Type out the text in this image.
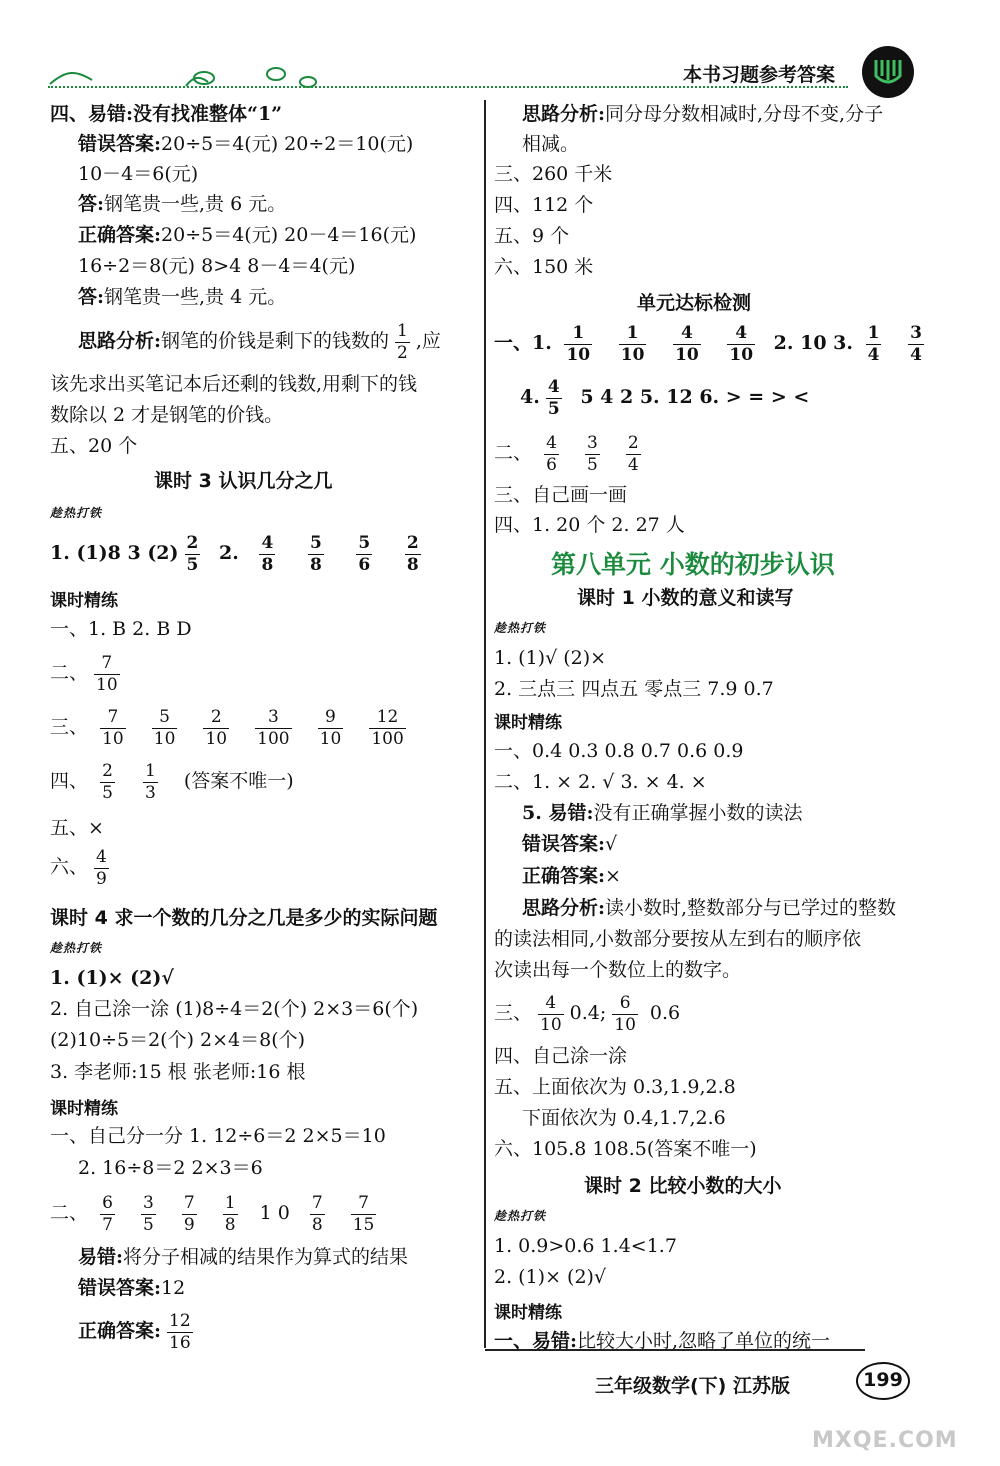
本书习题参考答案
四、易错:没有找准整体“1”
错误答案:20÷5＝4(元) 20÷2＝10(元)
10－4＝6(元)
答:钢笔贵一些,贵 6 元。
正确答案:20÷5＝4(元) 20－4＝16(元)
16÷2＝8(元) 8>4 8－4＝4(元)
答:钢笔贵一些,贵 4 元。
思路分析:钢笔的价钱是剩下的钱数的 $\frac{1}{2}$ ,应
该先求出买笔记本后还剩的钱数,用剩下的钱
数除以 2 才是钢笔的价钱。
五、20 个
课时 3 认识几分之几
趁热打铁
1. (1)8 3 $(2) \frac{2}{5} 2$. $\frac{4}{8}$
$\frac{5}{8}$
$\frac{5}{6}$
$\frac{2}{8}$
课时精练
一、1. B 2. B D
二、 $\frac{7}{10}$
三、 $\frac{7}{10}$
$\frac{5}{10}$
$\frac{2}{10}$
$\frac{3}{100}$
$\frac{9}{10}$
$\frac{12}{100}$
四、 $\frac{2}{5}$
$\frac{1}{3}$ (答案不唯一)
五、×
六、 $\frac{4}{9}$
课时 4 求一个数的几分之几是多少的实际问题
趁热打铁
1. (1)× (2)√
2. 自己涂一涂 (1)8÷4＝2(个) 2×3＝6(个)
(2)10÷5＝2(个) 2×4＝8(个)
3. 李老师:15 根 张老师:16 根
课时精练
一、自己分一分 1. 12÷6＝2 2×5＝10
2. 16÷8＝2 2×3＝6
二、 $\frac{6}{7}$
$\frac{3}{5}$
$\frac{7}{9}$
$\frac{1}{8} 1$ $0 \frac{7}{8}$
$\frac{7}{15}$
易错:将分子相减的结果作为算式的结果
错误答案:12
正确答案: $\frac{12}{16}$
思路分析:同分母分数相减时,分母不变,分子
相减。
三、260 千米
四、112 个
五、9 个
六、150 米
单元达标检测
一、1. $\frac{1}{10}$
$\frac{1}{10}$
$\frac{4}{10}$
$\frac{4}{10} 2$. 10 3. $\frac{1}{4}$
$\frac{3}{4}$
4. $\frac{4}{5} 5$ 4 2 5. 12 6. > = > <
二、 $\frac{4}{6}$
$\frac{3}{5}$
$\frac{2}{4}$
三、自己画一画
四、1. 20 个 2. 27 人
第八单元 小数的初步认识
课时 1 小数的意义和读写
趁热打铁
1. (1)√ (2)×
2. 三点三 四点五 零点三 7.9 0.7
课时精练
一、0.4 0.3 0.8 0.7 0.6 0.9
二、1. × 2. √ 3. × 4. ×
5. 易错:没有正确掌握小数的读法
错误答案:√
正确答案:×
思路分析:读小数时,整数部分与已学过的整数
的读法相同,小数部分要按从左到右的顺序依
次读出每一个数位上的数字。
三、 $\frac{4}{10} 0.4$; $\frac{6}{10} 0.6$
四、自己涂一涂
五、上面依次为 0.3,1.9,2.8
下面依次为 0.4,1.7,2.6
六、105.8 108.5(答案不唯一)
课时 2 比较小数的大小
趁热打铁
1. 0.9>0.6 1.4<1.7
2. (1)× (2)√
课时精练
一、易错:比较大小时,忽略了单位的统一
三年级数学(下) 江苏版	199
MXQE.COM
